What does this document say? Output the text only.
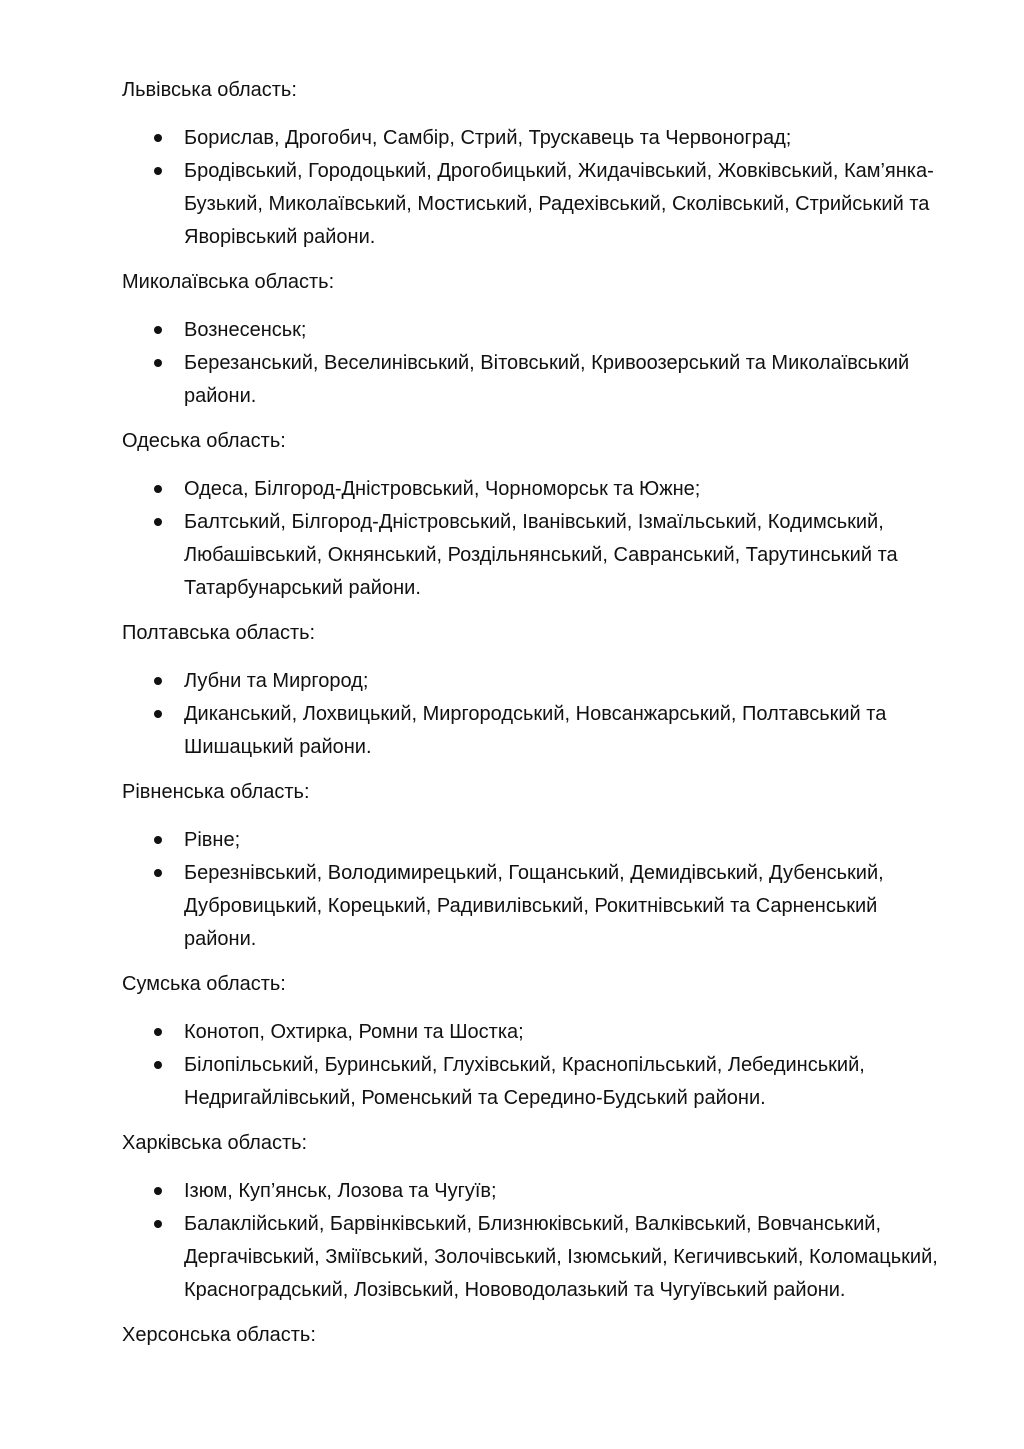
Львівська область:

Борислав, Дрогобич, Самбір, Стрий, Трускавець та Червоноград;
Бродівський, Городоцький, Дрогобицький, Жидачівський, Жовківський, Кам’янка-Бузький, Миколаївський, Мостиський, Радехівський, Сколівський, Стрийський та Яворівський райони.

Миколаївська область:

Вознесенськ;
Березанський, Веселинівський, Вітовський, Кривоозерський та Миколаївський райони.

Одеська область:

Одеса, Білгород-Дністровський, Чорноморськ та Южне;
Балтський, Білгород-Дністровський, Іванівський, Ізмаїльський, Кодимський, Любашівський, Окнянський, Роздільнянський, Савранський, Тарутинський та Татарбунарський райони.

Полтавська область:

Лубни та Миргород;
Диканський, Лохвицький, Миргородський, Новсанжарський, Полтавський та Шишацький райони.

Рівненська область:

Рівне;
Березнівський, Володимирецький, Гощанський, Демидівський, Дубенський, Дубровицький, Корецький, Радивилівський, Рокитнівський та Сарненський райони.

Сумська область:

Конотоп, Охтирка, Ромни та Шостка;
Білопільський, Буринський, Глухівський, Краснопільський, Лебединський, Недригайлівський, Роменський та Середино-Будський райони.

Харківська область:

Ізюм, Куп’янськ, Лозова та Чугуїв;
Балаклійський, Барвінківський, Близнюківський, Валківський, Вовчанський, Дергачівський, Зміївський, Золочівський, Ізюмський, Кегичивський, Коломацький, Красноградський, Лозівський, Нововодолазький та Чугуївський райони.

Херсонська область:
